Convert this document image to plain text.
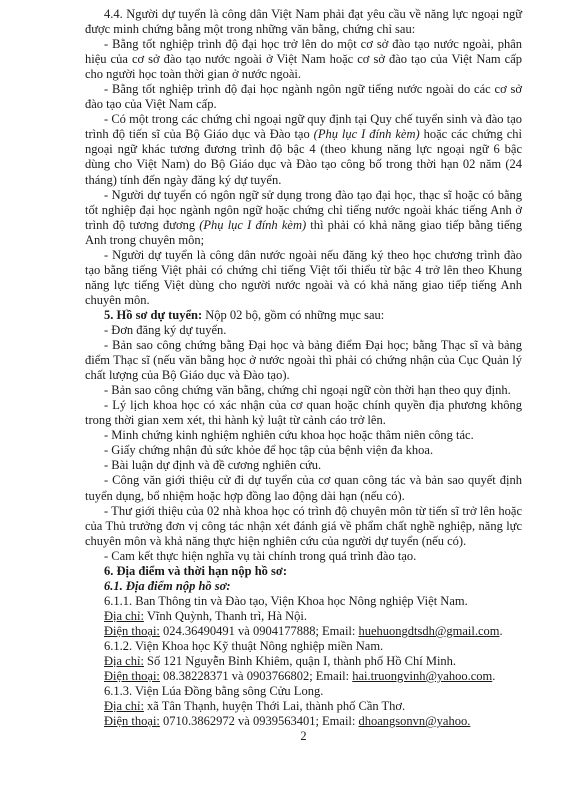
4.4. Người dự tuyển là công dân Việt Nam phải đạt yêu cầu về năng lực ngoại ngữ được minh chứng bằng một trong những văn bằng, chứng chỉ sau:

- Bằng tốt nghiệp trình độ đại học trở lên do một cơ sở đào tạo nước ngoài, phân hiệu của cơ sở đào tạo nước ngoài ở Việt Nam hoặc cơ sở đào tạo của Việt Nam cấp cho người học toàn thời gian ở nước ngoài.

- Bằng tốt nghiệp trình độ đại học ngành ngôn ngữ tiếng nước ngoài do các cơ sở đào tạo của Việt Nam cấp.

- Có một trong các chứng chỉ ngoại ngữ quy định tại Quy chế tuyển sinh và đào tạo trình độ tiến sĩ của Bộ Giáo dục và Đào tạo (Phụ lục I đính kèm) hoặc các chứng chỉ ngoại ngữ khác tương đương trình độ bậc 4 (theo khung năng lực ngoại ngữ 6 bậc dùng cho Việt Nam) do Bộ Giáo dục và Đào tạo công bố trong thời hạn 02 năm (24 tháng) tính đến ngày đăng ký dự tuyển.

- Người dự tuyển có ngôn ngữ sử dụng trong đào tạo đại học, thạc sĩ hoặc có bằng tốt nghiệp đại học ngành ngôn ngữ hoặc chứng chỉ tiếng nước ngoài khác tiếng Anh ở trình độ tương đương (Phụ lục I đính kèm) thì phải có khả năng giao tiếp bằng tiếng Anh trong chuyên môn;

- Người dự tuyển là công dân nước ngoài nếu đăng ký theo học chương trình đào tạo bằng tiếng Việt phải có chứng chỉ tiếng Việt tối thiểu từ bậc 4 trở lên theo Khung năng lực tiếng Việt dùng cho người nước ngoài và có khả năng giao tiếp tiếng Anh chuyên môn.

5. Hồ sơ dự tuyển: Nộp 02 bộ, gồm có những mục sau:

- Đơn đăng ký dự tuyển.

- Bản sao công chứng bằng Đại học và bảng điểm Đại học; bằng Thạc sĩ và bảng điểm Thạc sĩ (nếu văn bằng học ở nước ngoài thì phải có chứng nhận của Cục Quản lý chất lượng của Bộ Giáo dục và Đào tạo).

- Bản sao công chứng văn bằng, chứng chỉ ngoại ngữ còn thời hạn theo quy định.

- Lý lịch khoa học có xác nhận của cơ quan hoặc chính quyền địa phương không trong thời gian xem xét, thi hành kỷ luật từ cảnh cáo trở lên.

- Minh chứng kinh nghiệm nghiên cứu khoa học hoặc thâm niên công tác.

- Giấy chứng nhận đủ sức khỏe để học tập của bệnh viện đa khoa.

- Bài luận dự định và đề cương nghiên cứu.

- Công văn giới thiệu cử đi dự tuyển của cơ quan công tác và bản sao quyết định tuyển dụng, bổ nhiệm hoặc hợp đồng lao động dài hạn (nếu có).

- Thư giới thiệu của 02 nhà khoa học có trình độ chuyên môn từ tiến sĩ trở lên hoặc của Thủ trưởng đơn vị công tác nhận xét đánh giá về phẩm chất nghề nghiệp, năng lực chuyên môn và khả năng thực hiện nghiên cứu của người dự tuyển (nếu có).

- Cam kết thực hiện nghĩa vụ tài chính trong quá trình đào tạo.

6. Địa điểm và thời hạn nộp hồ sơ:

6.1. Địa điểm nộp hồ sơ:

6.1.1. Ban Thông tin và Đào tạo, Viện Khoa học Nông nghiệp Việt Nam.

Địa chỉ: Vĩnh Quỳnh, Thanh trì, Hà Nội.

Điện thoại: 024.36490491 và 0904177888; Email: huehuongdtsdh@gmail.com.

6.1.2. Viện Khoa học Kỹ thuật Nông nghiệp miền Nam.

Địa chỉ: Số 121 Nguyễn Bỉnh Khiêm, quận I, thành phố Hồ Chí Minh.

Điện thoại: 08.38228371 và 0903766802; Email: hai.truongvinh@yahoo.com.

6.1.3. Viện Lúa Đồng bằng sông Cửu Long.

Địa chỉ: xã Tân Thạnh, huyện Thới Lai, thành phố Cần Thơ.

Điện thoại: 0710.3862972 và 0939563401; Email: dhoangsonvn@yahoo.

2
